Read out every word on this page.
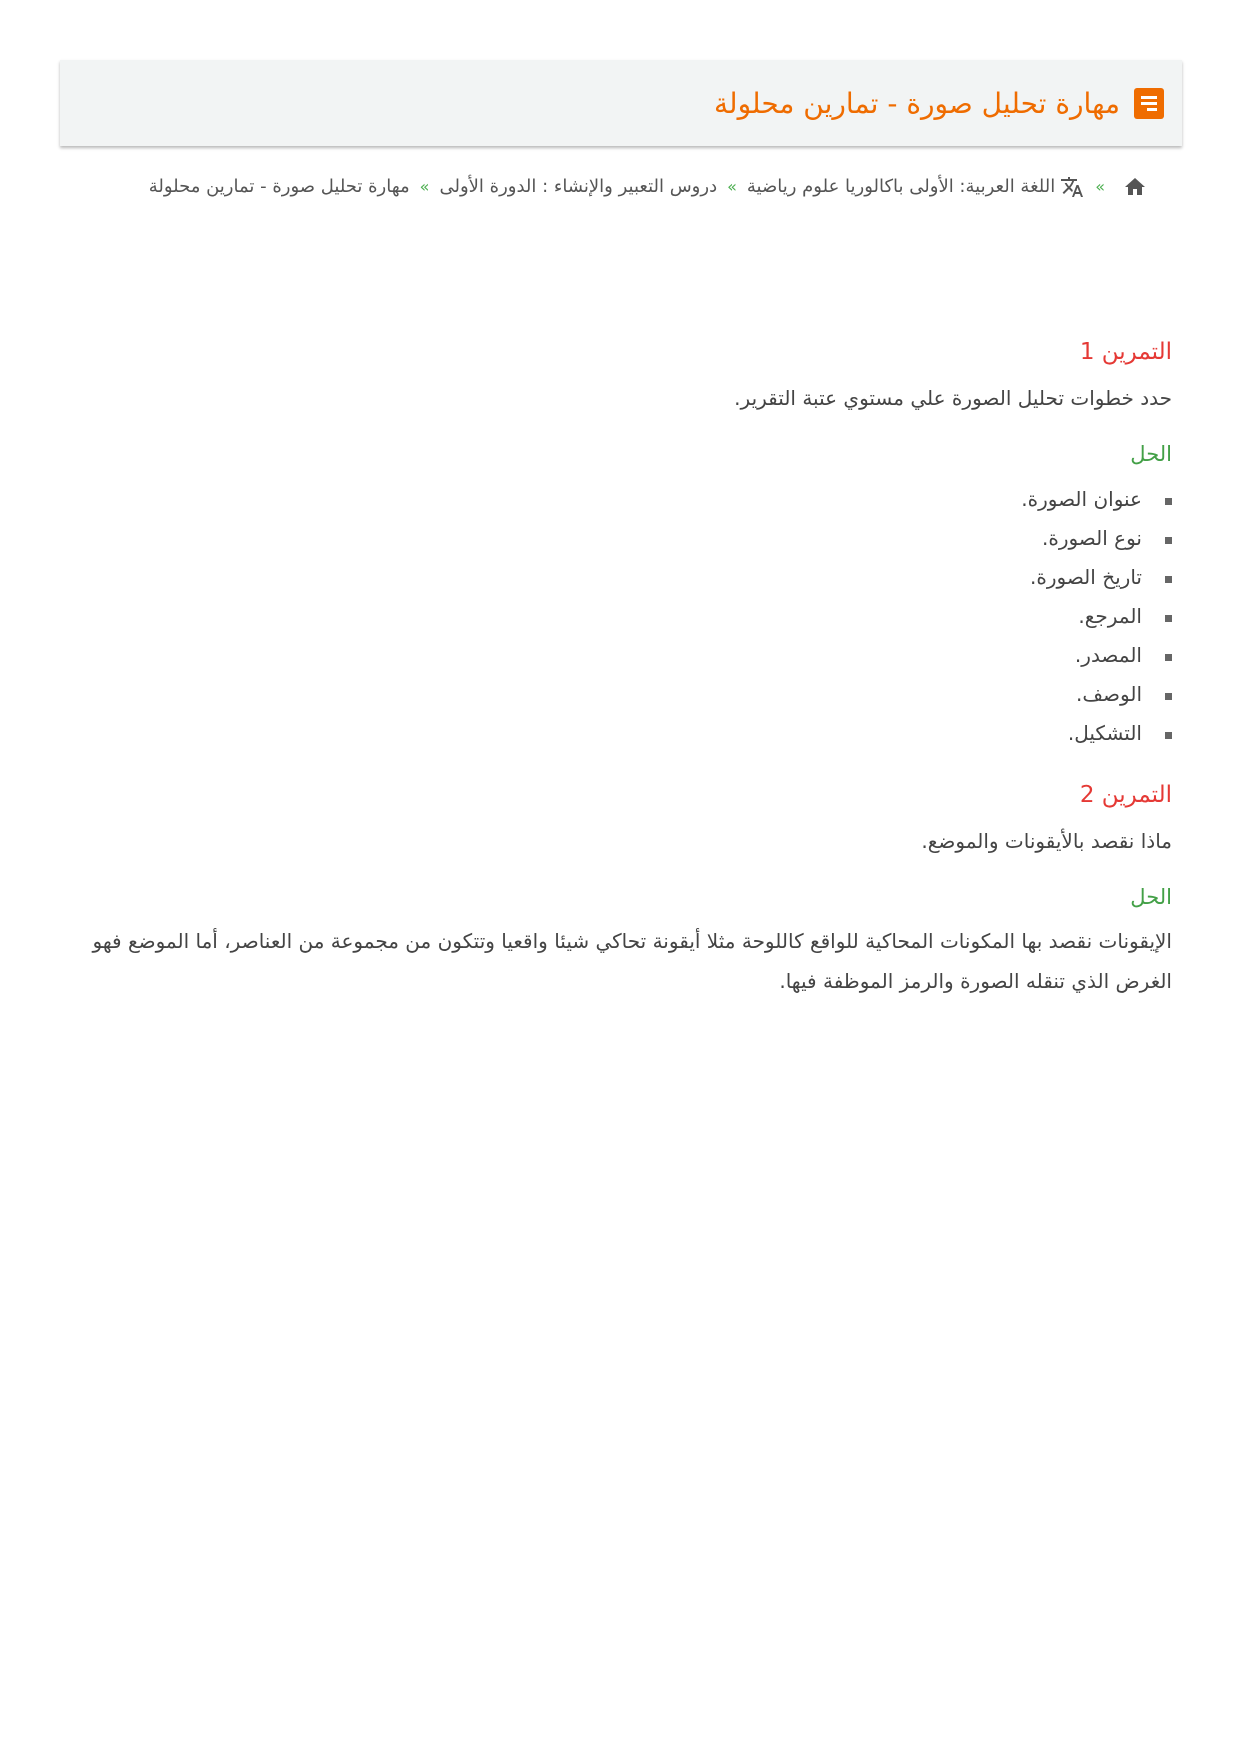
مهارة تحليل صورة - تمارين محلولة
»اللغة العربية: الأولى باكالوريا علوم رياضية»دروس التعبير والإنشاء : الدورة الأولى»مهارة تحليل صورة - تمارين محلولة
التمرين 1

حدد خطوات تحليل الصورة علي مستوي عتبة التقرير.

الحل
عنوان الصورة.
نوع الصورة.
تاريخ الصورة.
المرجع.
المصدر.
الوصف.
التشكيل.
التمرين 2

ماذا نقصد بالأيقونات والموضع.

الحل

الإيقونات نقصد بها المكونات المحاكية للواقع كاللوحة مثلا أيقونة تحاكي شيئا واقعيا وتتكون من مجموعة من العناصر، أما الموضع فهو الغرض الذي تنقله الصورة والرمز الموظفة فيها.
